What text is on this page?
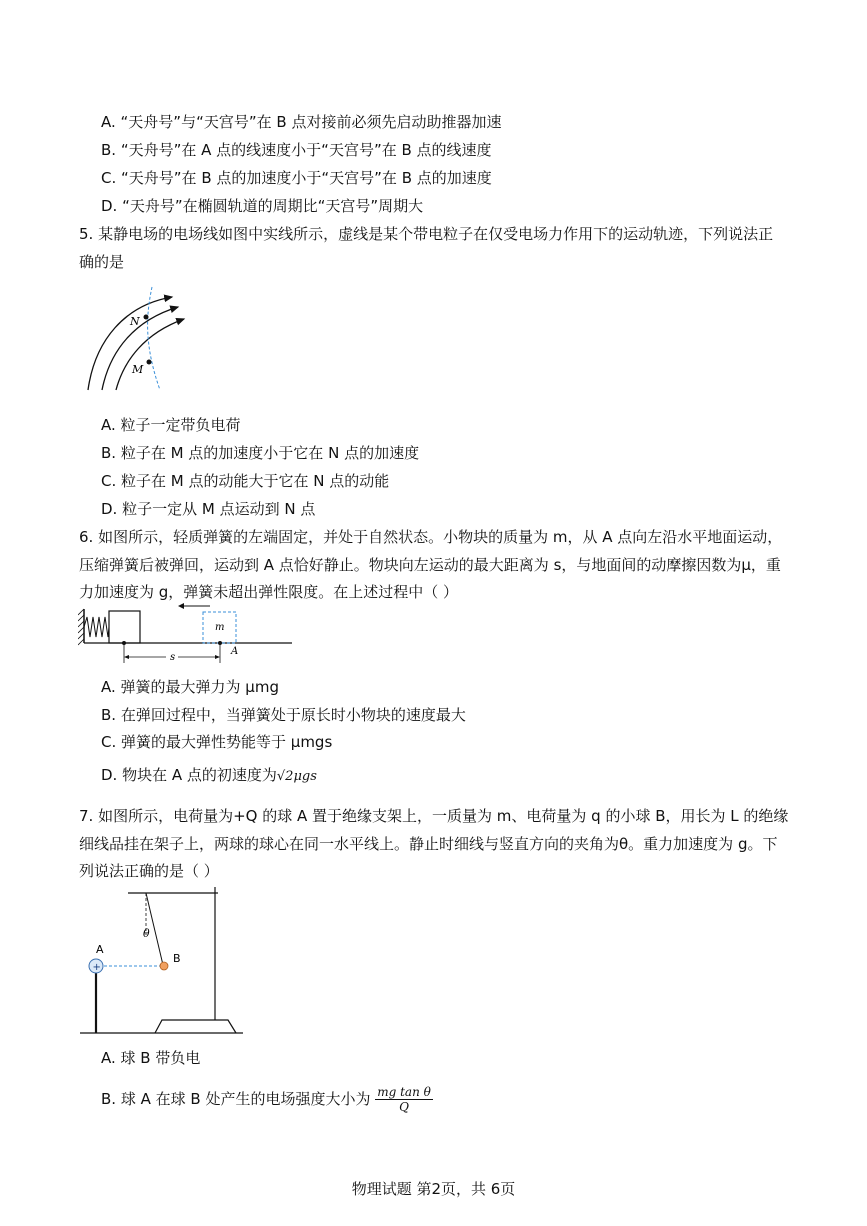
A. “天舟号”与“天宫号”在 B 点对接前必须先启动助推器加速
B. “天舟号”在 A 点的线速度小于“天宫号”在 B 点的线速度
C. “天舟号”在 B 点的加速度小于“天宫号”在 B 点的加速度
D. “天舟号”在椭圆轨道的周期比“天宫号”周期大
5. 某静电场的电场线如图中实线所示，虚线是某个带电粒子在仅受电场力作用下的运动轨迹，下列说法正
确的是
N
M
A. 粒子一定带负电荷
B. 粒子在 M 点的加速度小于它在 N 点的加速度
C. 粒子在 M 点的动能大于它在 N 点的动能
D. 粒子一定从 M 点运动到 N 点
6. 如图所示，轻质弹簧的左端固定，并处于自然状态。小物块的质量为 m，从 A 点向左沿水平地面运动，
压缩弹簧后被弹回，运动到 A 点恰好静止。物块向左运动的最大距离为 s，与地面间的动摩擦因数为μ，重
力加速度为 g，弹簧未超出弹性限度。在上述过程中（ ）
m
A
s
A. 弹簧的最大弹力为 μmg
B. 在弹回过程中，当弹簧处于原长时小物块的速度最大
C. 弹簧的最大弹性势能等于 μmgs
D. 物块在 A 点的初速度为√2μgs
7. 如图所示，电荷量为+Q 的球 A 置于绝缘支架上，一质量为 m、电荷量为 q 的小球 B，用长为 L 的绝缘
细线品挂在架子上，两球的球心在同一水平线上。静止时细线与竖直方向的夹角为θ。重力加速度为 g。下
列说法正确的是（ ）
θ
+
A
B
A. 球 B 带负电
B. 球 A 在球 B 处产生的电场强度大小为 $\frac{\text{mg tan θ}}{Q}$
物理试题 第2页，共 6页
